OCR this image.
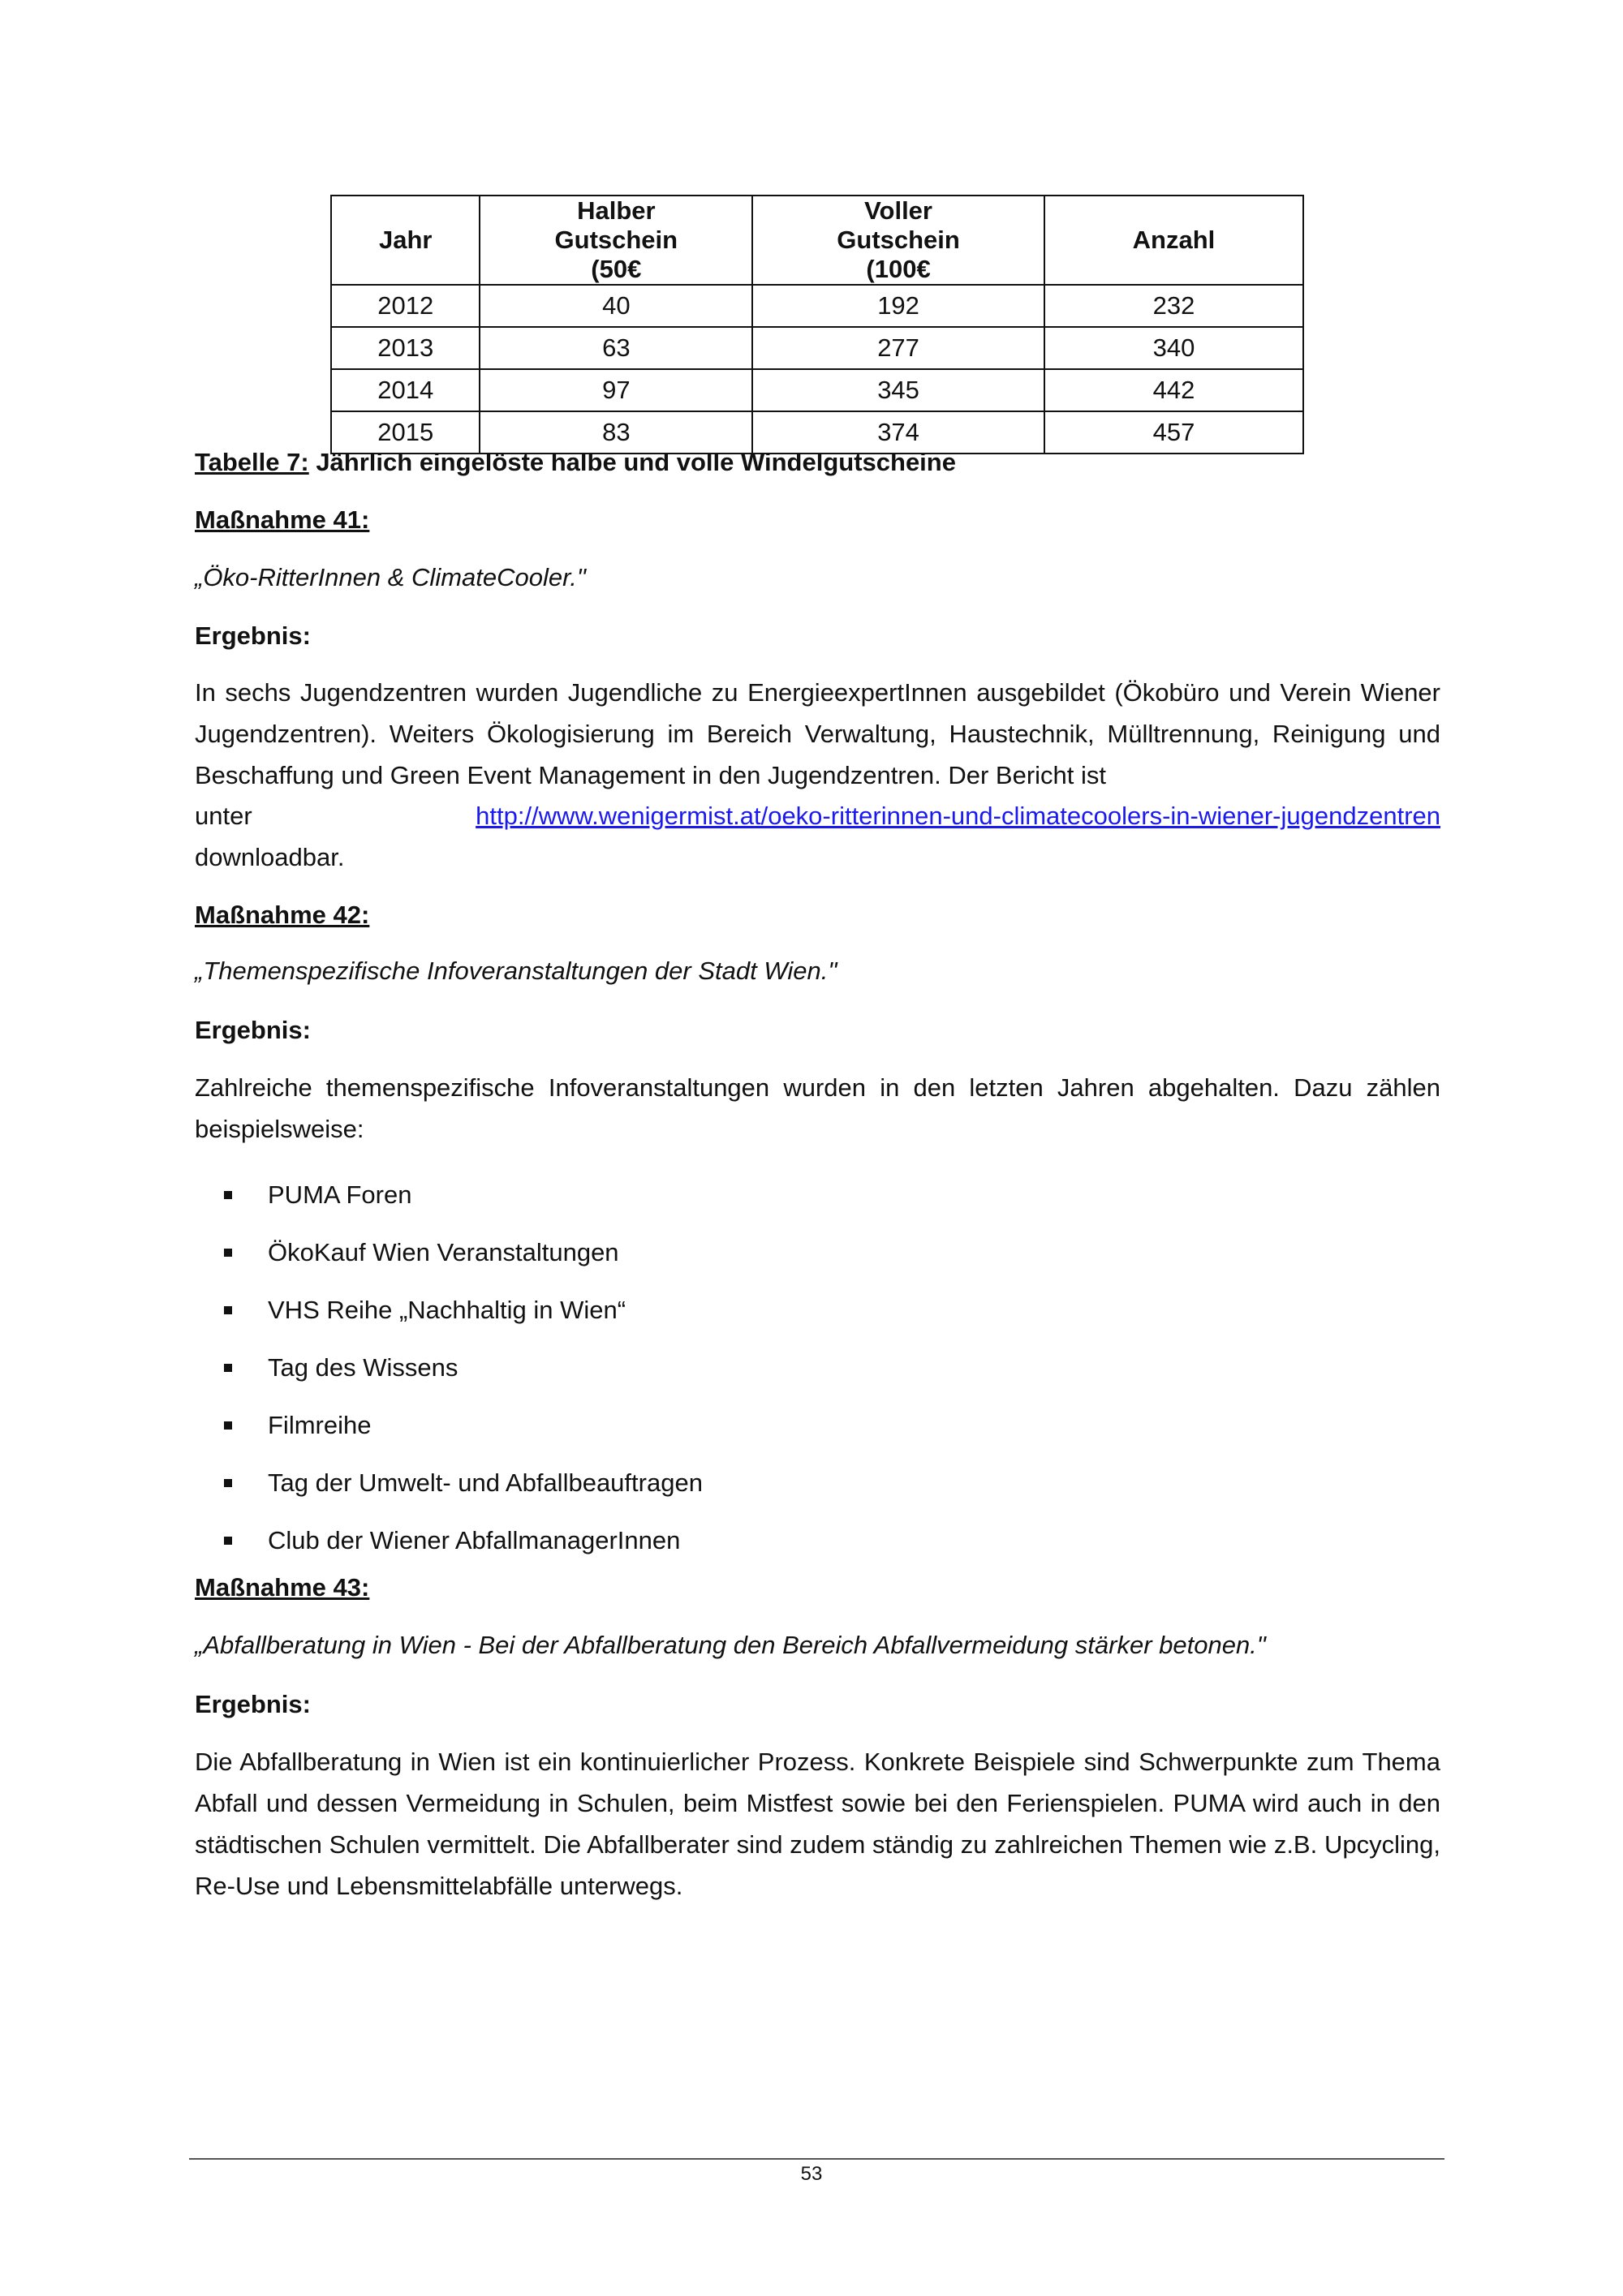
Jahr	Halber Gutschein (50€	Voller Gutschein (100€	Anzahl
2012	40	192	232
2013	63	277	340
2014	97	345	442
2015	83	374	457
Tabelle 7: Jährlich eingelöste halbe und volle Windelgutscheine
Maßnahme 41:
„Öko-RitterInnen & ClimateCooler."
Ergebnis:
In sechs Jugendzentren wurden Jugendliche zu EnergieexpertInnen ausgebildet (Ökobüro und Verein Wiener Jugendzentren). Weiters Ökologisierung im Bereich Verwaltung, Haustechnik, Mülltrennung, Reinigung und Beschaffung und Green Event Management in den Jugendzentren. Der Bericht ist
unter	http://www.wenigermist.at/oeko-ritterinnen-und-climatecoolers-in-wiener-jugendzentren
downloadbar.
Maßnahme 42:
„Themenspezifische Infoveranstaltungen der Stadt Wien."
Ergebnis:
Zahlreiche themenspezifische Infoveranstaltungen wurden in den letzten Jahren abgehalten. Dazu zählen beispielsweise:
PUMA Foren
ÖkoKauf Wien Veranstaltungen
VHS Reihe „Nachhaltig in Wien“
Tag des Wissens
Filmreihe
Tag der Umwelt- und Abfallbeauftragen
Club der Wiener AbfallmanagerInnen
Maßnahme 43:
„Abfallberatung in Wien - Bei der Abfallberatung den Bereich Abfallvermeidung stärker betonen."
Ergebnis:
Die Abfallberatung in Wien ist ein kontinuierlicher Prozess. Konkrete Beispiele sind Schwerpunkte zum Thema Abfall und dessen Vermeidung in Schulen, beim Mistfest sowie bei den Ferienspielen. PUMA wird auch in den städtischen Schulen vermittelt. Die Abfallberater sind zudem ständig zu zahlreichen Themen wie z.B. Upcycling, Re-Use und Lebensmittelabfälle unterwegs.
53
